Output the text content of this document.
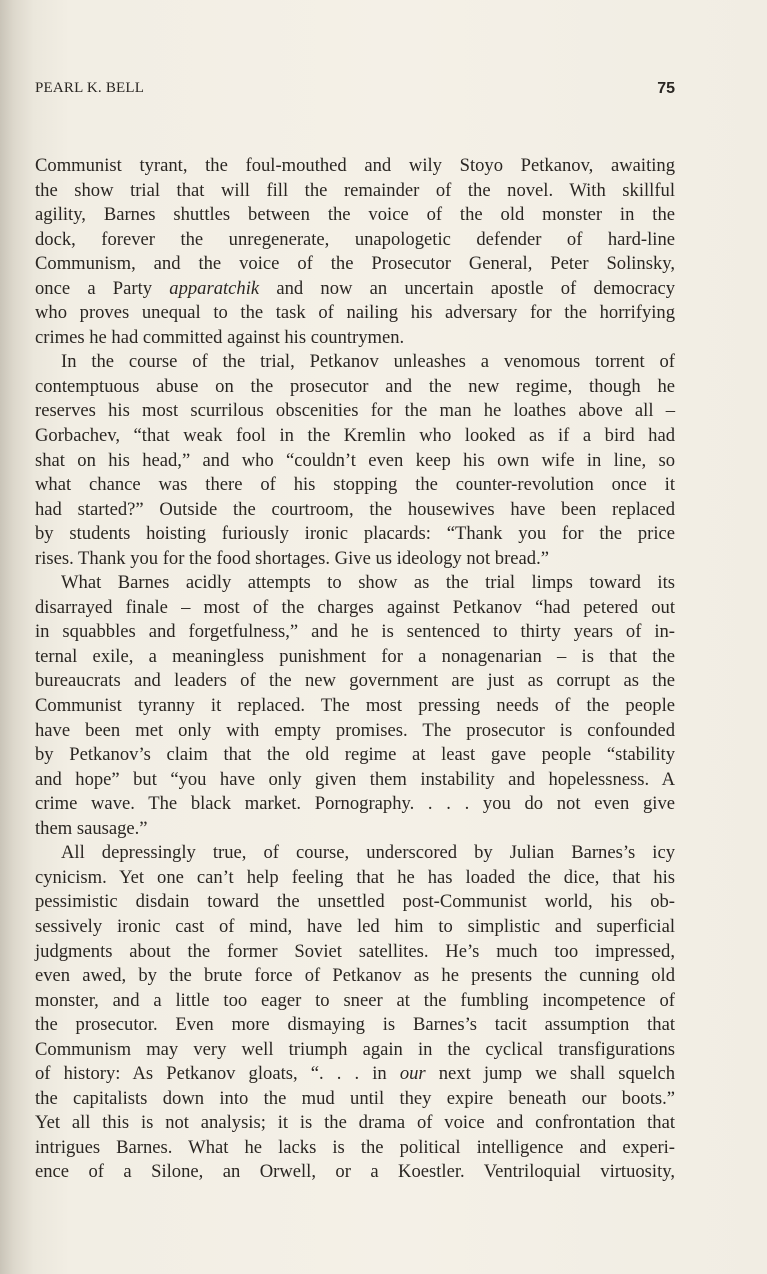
PEARL K. BELL	75
Communist tyrant, the foul-mouthed and wily Stoyo Petkanov, awaiting
the show trial that will fill the remainder of the novel. With skillful
agility, Barnes shuttles between the voice of the old monster in the
dock, forever the unregenerate, unapologetic defender of hard-line
Communism, and the voice of the Prosecutor General, Peter Solinsky,
once a Party apparatchik and now an uncertain apostle of democracy
who proves unequal to the task of nailing his adversary for the horrifying
crimes he had committed against his countrymen.
In the course of the trial, Petkanov unleashes a venomous torrent of
contemptuous abuse on the prosecutor and the new regime, though he
reserves his most scurrilous obscenities for the man he loathes above all –
Gorbachev, “that weak fool in the Kremlin who looked as if a bird had
shat on his head,” and who “couldn’t even keep his own wife in line, so
what chance was there of his stopping the counter-revolution once it
had started?” Outside the courtroom, the housewives have been replaced
by students hoisting furiously ironic placards: “Thank you for the price
rises. Thank you for the food shortages. Give us ideology not bread.”
What Barnes acidly attempts to show as the trial limps toward its
disarrayed finale – most of the charges against Petkanov “had petered out
in squabbles and forgetfulness,” and he is sentenced to thirty years of in-
ternal exile, a meaningless punishment for a nonagenarian – is that the
bureaucrats and leaders of the new government are just as corrupt as the
Communist tyranny it replaced. The most pressing needs of the people
have been met only with empty promises. The prosecutor is confounded
by Petkanov’s claim that the old regime at least gave people “stability
and hope” but “you have only given them instability and hopelessness. A
crime wave. The black market. Pornography. . . . you do not even give
them sausage.”
All depressingly true, of course, underscored by Julian Barnes’s icy
cynicism. Yet one can’t help feeling that he has loaded the dice, that his
pessimistic disdain toward the unsettled post-Communist world, his ob-
sessively ironic cast of mind, have led him to simplistic and superficial
judgments about the former Soviet satellites. He’s much too impressed,
even awed, by the brute force of Petkanov as he presents the cunning old
monster, and a little too eager to sneer at the fumbling incompetence of
the prosecutor. Even more dismaying is Barnes’s tacit assumption that
Communism may very well triumph again in the cyclical transfigurations
of history: As Petkanov gloats, “. . . in our next jump we shall squelch
the capitalists down into the mud until they expire beneath our boots.”
Yet all this is not analysis; it is the drama of voice and confrontation that
intrigues Barnes. What he lacks is the political intelligence and experi-
ence of a Silone, an Orwell, or a Koestler. Ventriloquial virtuosity,
